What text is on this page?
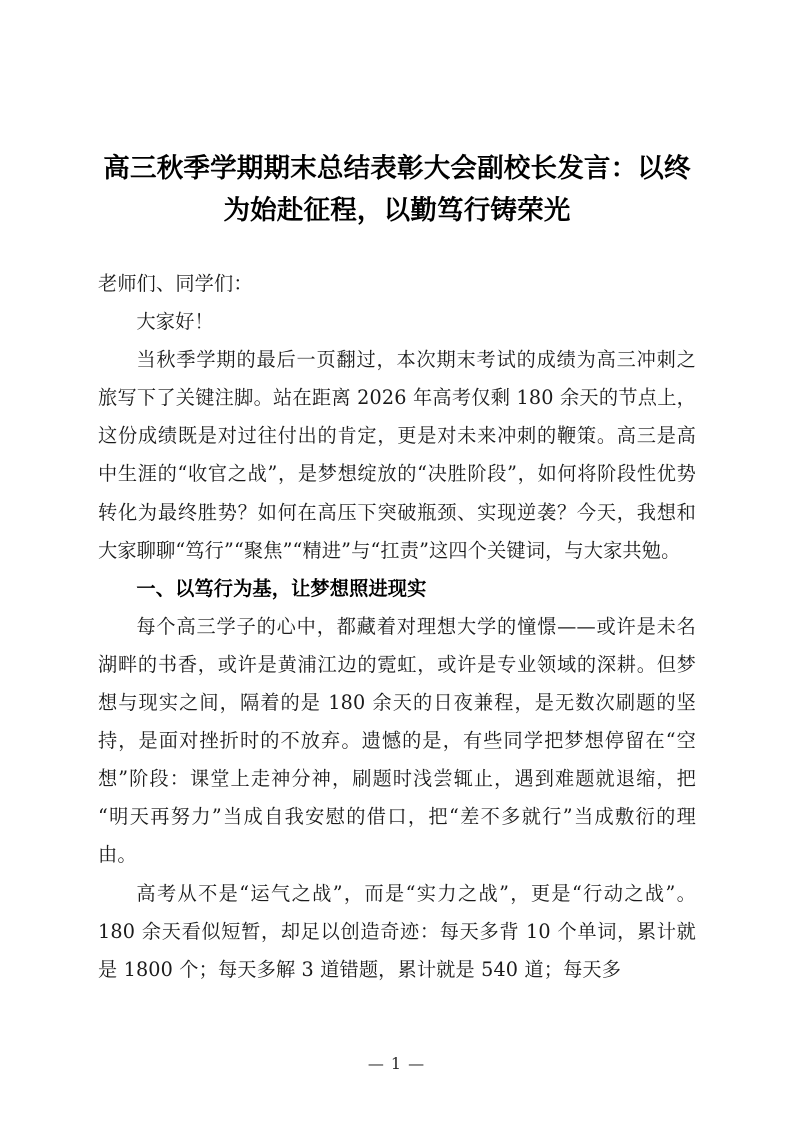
高三秋季学期期末总结表彰大会副校长发言：以终为始赴征程，以勤笃行铸荣光

老师们、同学们：

大家好！

当秋季学期的最后一页翻过，本次期末考试的成绩为高三冲刺之旅写下了关键注脚。站在距离 2026 年高考仅剩 180 余天的节点上，这份成绩既是对过往付出的肯定，更是对未来冲刺的鞭策。高三是高中生涯的“收官之战”，是梦想绽放的“决胜阶段”，如何将阶段性优势转化为最终胜势？如何在高压下突破瓶颈、实现逆袭？今天，我想和大家聊聊“笃行”“聚焦”“精进”与“扛责”这四个关键词，与大家共勉。

一、以笃行为基，让梦想照进现实

每个高三学子的心中，都藏着对理想大学的憧憬——或许是未名湖畔的书香，或许是黄浦江边的霓虹，或许是专业领域的深耕。但梦想与现实之间，隔着的是 180 余天的日夜兼程，是无数次刷题的坚持，是面对挫折时的不放弃。遗憾的是，有些同学把梦想停留在“空想”阶段：课堂上走神分神，刷题时浅尝辄止，遇到难题就退缩，把“明天再努力”当成自我安慰的借口，把“差不多就行”当成敷衍的理由。

高考从不是“运气之战”，而是“实力之战”，更是“行动之战”。180 余天看似短暂，却足以创造奇迹：每天多背 10 个单词，累计就是 1800 个；每天多解 3 道错题，累计就是 540 道；每天多

— 1 —
